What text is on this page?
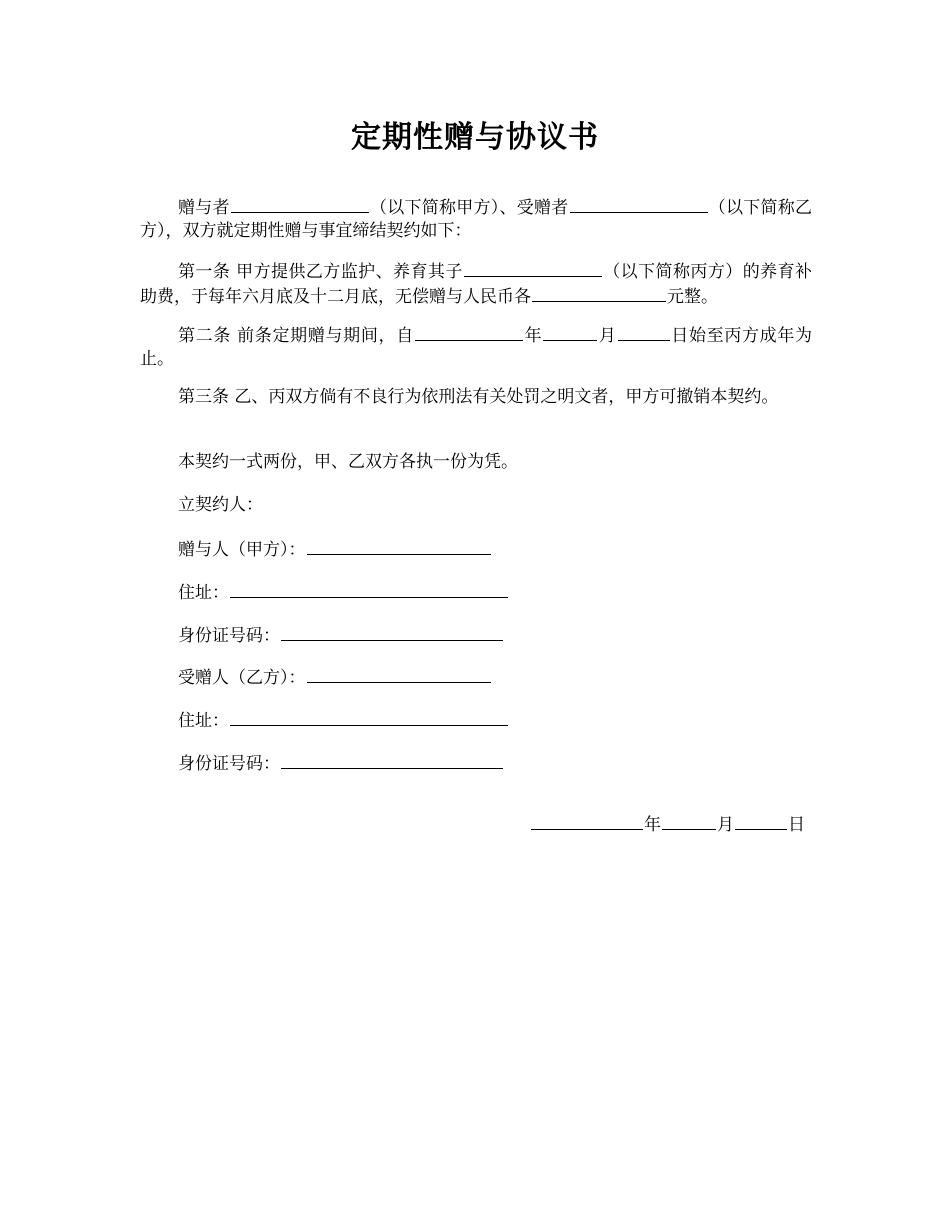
定期性赠与协议书

赠与者	（以下简称甲方）、受赠者	（以下简称乙方），双方就定期性赠与事宜缔结契约如下：

第一条 甲方提供乙方监护、养育其子	（以下简称丙方）的养育补助费，于每年六月底及十二月底，无偿赠与人民币各	元整。

第二条 前条定期赠与期间，自	年	月	日始至丙方成年为止。

第三条 乙、丙双方倘有不良行为依刑法有关处罚之明文者，甲方可撤销本契约。

本契约一式两份，甲、乙双方各执一份为凭。

立契约人：
赠与人（甲方）：
住址：
身份证号码：
受赠人（乙方）：
住址：
身份证号码：
年	月	日
